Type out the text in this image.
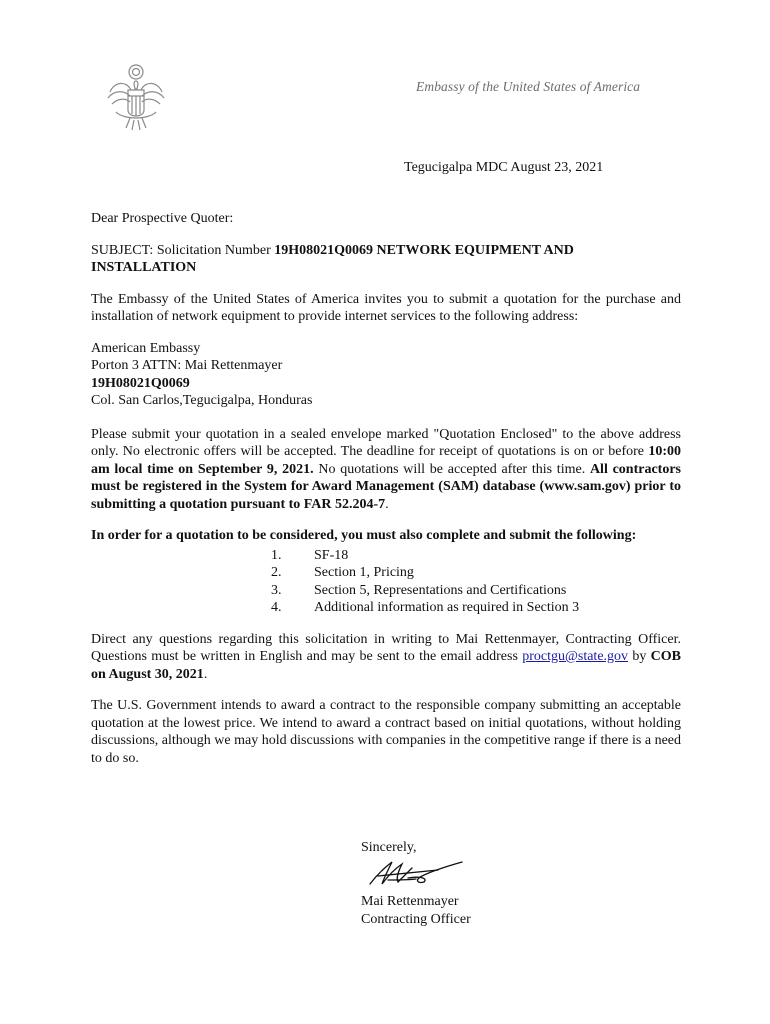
Embassy of the United States of America
Tegucigalpa MDC August 23, 2021

Dear Prospective Quoter:

SUBJECT: Solicitation Number 19H08021Q0069 NETWORK EQUIPMENT AND INSTALLATION

The Embassy of the United States of America invites you to submit a quotation for the purchase and installation of network equipment to provide internet services to the following address:

American Embassy
Porton 3 ATTN: Mai Rettenmayer
19H08021Q0069
Col. San Carlos,Tegucigalpa, Honduras

Please submit your quotation in a sealed envelope marked "Quotation Enclosed" to the above address only. No electronic offers will be accepted. The deadline for receipt of quotations is on or before 10:00 am local time on September 9, 2021. No quotations will be accepted after this time. All contractors must be registered in the System for Award Management (SAM) database (www.sam.gov) prior to submitting a quotation pursuant to FAR 52.204-7.

In order for a quotation to be considered, you must also complete and submit the following:

1.	SF-18
2.	Section 1, Pricing
3.	Section 5, Representations and Certifications
4.	Additional information as required in Section 3

Direct any questions regarding this solicitation in writing to Mai Rettenmayer, Contracting Officer. Questions must be written in English and may be sent to the email address proctgu@state.gov by COB on August 30, 2021.

The U.S. Government intends to award a contract to the responsible company submitting an acceptable quotation at the lowest price. We intend to award a contract based on initial quotations, without holding discussions, although we may hold discussions with companies in the competitive range if there is a need to do so.

Sincerely,
Mai Rettenmayer
Contracting Officer
